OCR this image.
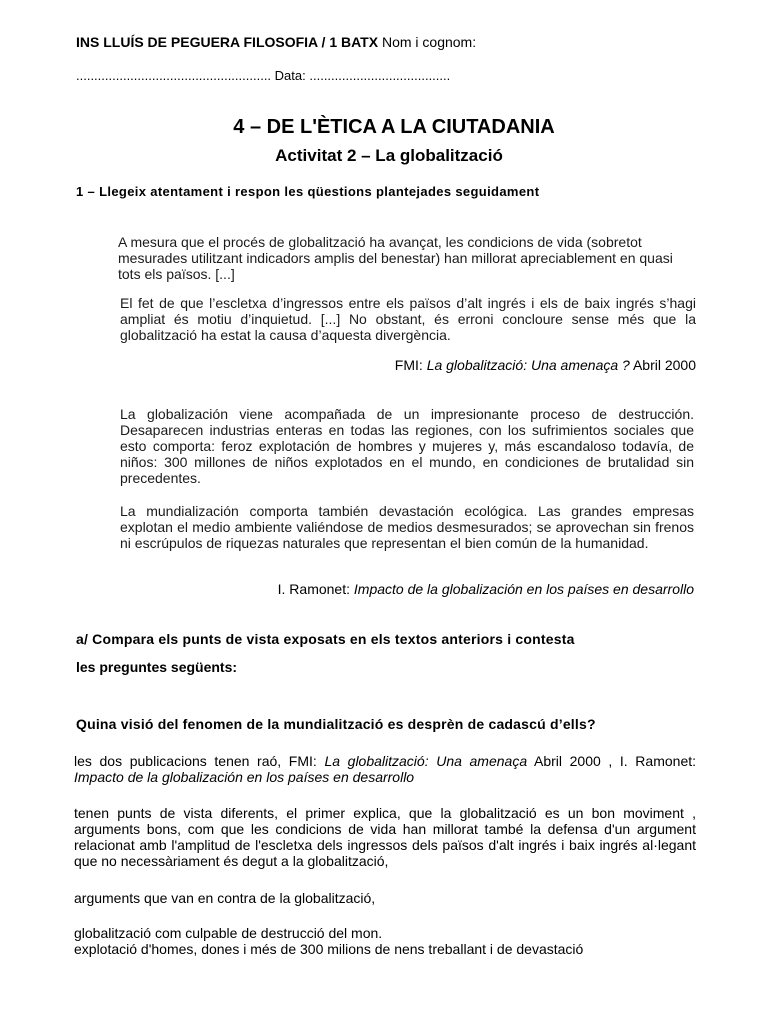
INS LLUÍS DE PEGUERA FILOSOFIA / 1 BATX Nom i cognom:
...................................................... Data: .......................................
4 – DE L'ÈTICA A LA CIUTADANIA
Activitat 2 – La globalització
1 – Llegeix atentament i respon les qüestions plantejades seguidament
A mesura que el procés de globalització ha avançat, les condicions de vida (sobretot mesurades utilitzant indicadors amplis del benestar) han millorat apreciablement en quasi tots els països. [...]
El fet de que l’escletxa d’ingressos entre els països d’alt ingrés i els de baix ingrés s’hagi ampliat és motiu d’inquietud. [...] No obstant, és erroni concloure sense més que la globalització ha estat la causa d’aquesta divergència.
FMI: La globalització: Una amenaça ? Abril 2000
La globalización viene acompañada de un impresionante proceso de destrucción. Desaparecen industrias enteras en todas las regiones, con los sufrimientos sociales que esto comporta: feroz explotación de hombres y mujeres y, más escandaloso todavía, de niños: 300 millones de niños explotados en el mundo, en condiciones de brutalidad sin precedentes.
La mundialización comporta también devastación ecológica. Las grandes empresas explotan el medio ambiente valiéndose de medios desmesurados; se aprovechan sin frenos ni escrúpulos de riquezas naturales que representan el bien común de la humanidad.
I. Ramonet: Impacto de la globalización en los países en desarrollo
a/ Compara els punts de vista exposats en els textos anteriors i contesta
les preguntes següents:
Quina visió del fenomen de la mundialització es desprèn de cadascú d’ells?
les dos publicacions tenen raó, FMI: La globalització: Una amenaça Abril 2000 , I. Ramonet: Impacto de la globalización en los países en desarrollo
tenen punts de vista diferents, el primer explica, que la globalització es un bon moviment , arguments bons, com que les condicions de vida han millorat també la defensa d'un argument relacionat amb l'amplitud de l'escletxa dels ingressos dels països d'alt ingrés i baix ingrés al·legant que no necessàriament és degut a la globalització,
arguments que van en contra de la globalització,
globalització com culpable de destrucció del mon.
explotació d'homes, dones i més de 300 milions de nens treballant i de devastació
